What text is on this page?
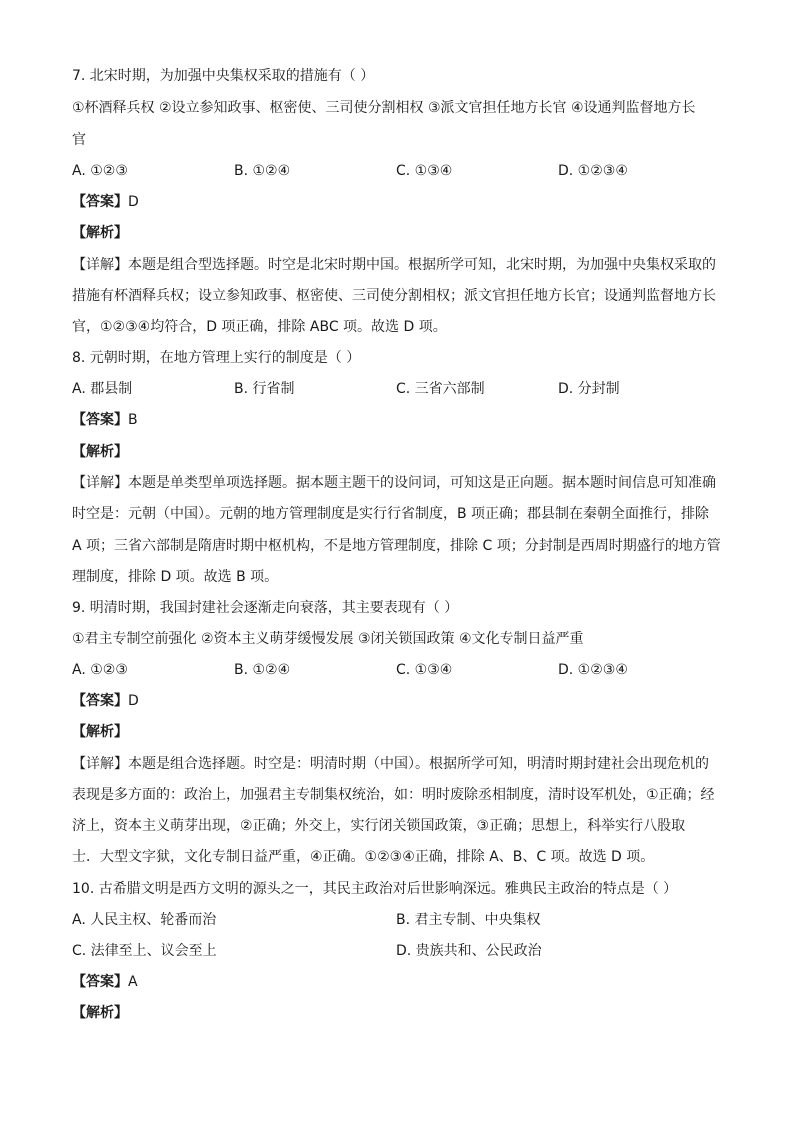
7. 北宋时期，为加强中央集权采取的措施有（ ）
①杯酒释兵权 ②设立参知政事、枢密使、三司使分割相权 ③派文官担任地方长官 ④设通判监督地方长
官
A. ①②③	B. ①②④	C. ①③④	D. ①②③④
【答案】D
【解析】
【详解】本题是组合型选择题。时空是北宋时期中国。根据所学可知，北宋时期，为加强中央集权采取的
措施有杯酒释兵权；设立参知政事、枢密使、三司使分割相权；派文官担任地方长官；设通判监督地方长
官，①②③④均符合，D 项正确，排除 ABC 项。故选 D 项。
8. 元朝时期，在地方管理上实行的制度是（ ）
A. 郡县制	B. 行省制	C. 三省六部制	D. 分封制
【答案】B
【解析】
【详解】本题是单类型单项选择题。据本题主题干的设问词，可知这是正向题。据本题时间信息可知准确
时空是：元朝（中国）。元朝的地方管理制度是实行行省制度，B 项正确；郡县制在秦朝全面推行，排除
A 项；三省六部制是隋唐时期中枢机构，不是地方管理制度，排除 C 项；分封制是西周时期盛行的地方管
理制度，排除 D 项。故选 B 项。
9. 明清时期，我国封建社会逐渐走向衰落，其主要表现有（ ）
①君主专制空前强化 ②资本主义萌芽缓慢发展 ③闭关锁国政策 ④文化专制日益严重
A. ①②③	B. ①②④	C. ①③④	D. ①②③④
【答案】D
【解析】
【详解】本题是组合选择题。时空是：明清时期（中国）。根据所学可知，明清时期封建社会出现危机的
表现是多方面的：政治上，加强君主专制集权统治，如：明时废除丞相制度，清时设军机处，①正确；经
济上，资本主义萌芽出现，②正确；外交上，实行闭关锁国政策，③正确；思想上，科举实行八股取
士．大型文字狱，文化专制日益严重，④正确。①②③④正确，排除 A、B、C 项。故选 D 项。
10. 古希腊文明是西方文明的源头之一，其民主政治对后世影响深远。雅典民主政治的特点是（ ）
A. 人民主权、轮番而治	B. 君主专制、中央集权
C. 法律至上、议会至上	D. 贵族共和、公民政治
【答案】A
【解析】
